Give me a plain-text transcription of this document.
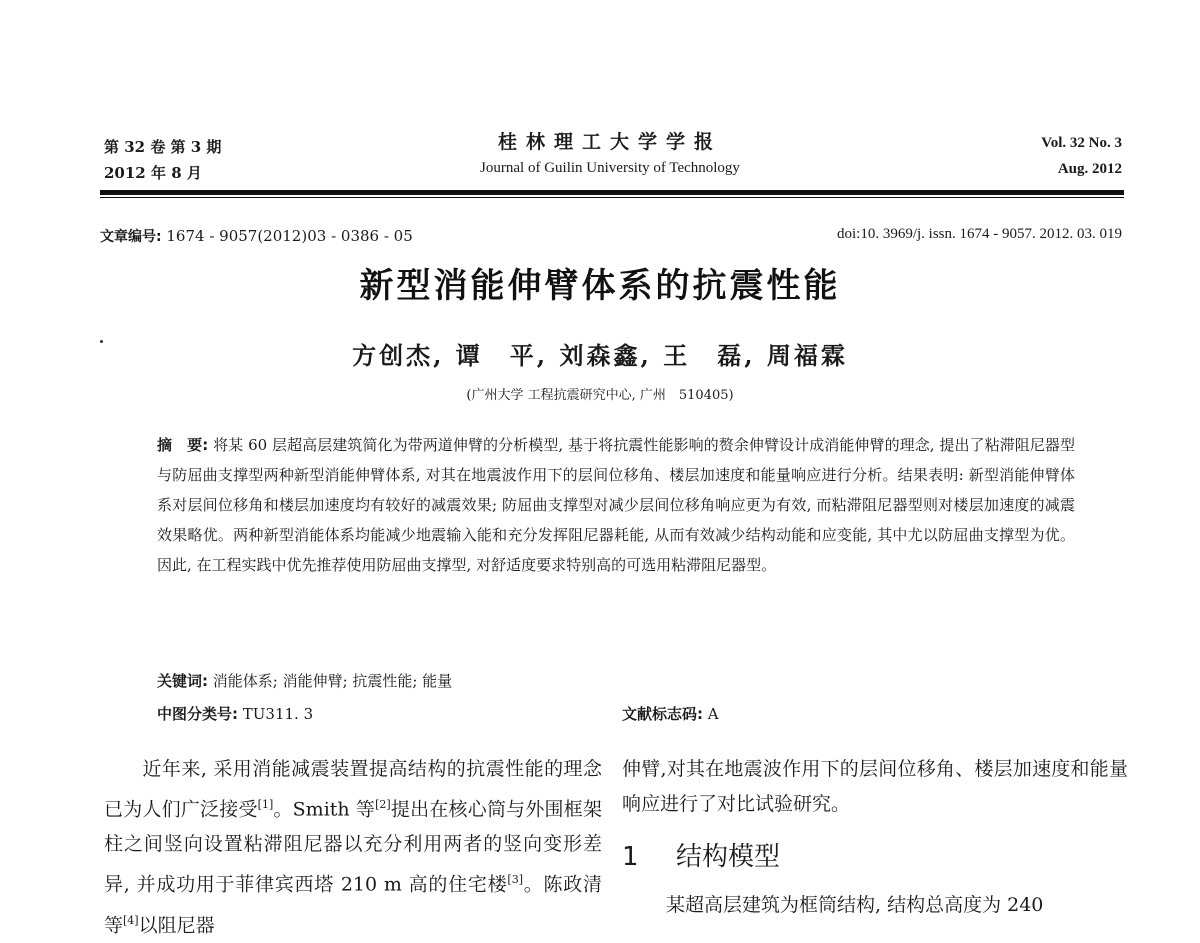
第 32 卷 第 3 期
2012 年 8 月
桂林理工大学学报
Journal of Guilin University of Technology
Vol. 32 No. 3
Aug. 2012
文章编号: 1674 - 9057(2012)03 - 0386 - 05	doi:10. 3969/j. issn. 1674 - 9057. 2012. 03. 019
新型消能伸臂体系的抗震性能
方创杰, 谭　平, 刘森鑫, 王　磊, 周福霖
(广州大学 工程抗震研究中心, 广州　510405)
摘　要: 将某 60 层超高层建筑简化为带两道伸臂的分析模型, 基于将抗震性能影响的赘余伸臂设计成消能伸臂的理念, 提出了粘滞阻尼器型与防屈曲支撑型两种新型消能伸臂体系, 对其在地震波作用下的层间位移角、楼层加速度和能量响应进行分析。结果表明: 新型消能伸臂体系对层间位移角和楼层加速度均有较好的减震效果; 防屈曲支撑型对减少层间位移角响应更为有效, 而粘滞阻尼器型则对楼层加速度的减震效果略优。两种新型消能体系均能减少地震输入能和充分发挥阻尼器耗能, 从而有效减少结构动能和应变能, 其中尤以防屈曲支撑型为优。因此, 在工程实践中优先推荐使用防屈曲支撑型, 对舒适度要求特别高的可选用粘滞阻尼器型。
关键词: 消能体系; 消能伸臂; 抗震性能; 能量
中图分类号: TU311. 3	文献标志码: A
近年来, 采用消能减震装置提高结构的抗震性能的理念已为人们广泛接受[1]。Smith 等[2]提出在核心筒与外围框架柱之间竖向设置粘滞阻尼器以充分利用两者的竖向变形差异, 并成功用于菲律宾西塔 210 m 高的住宅楼[3]。陈政清等[4]以阻尼器
伸臂,对其在地震波作用下的层间位移角、楼层加速度和能量响应进行了对比试验研究。
1 结构模型
某超高层建筑为框筒结构, 结构总高度为 240
